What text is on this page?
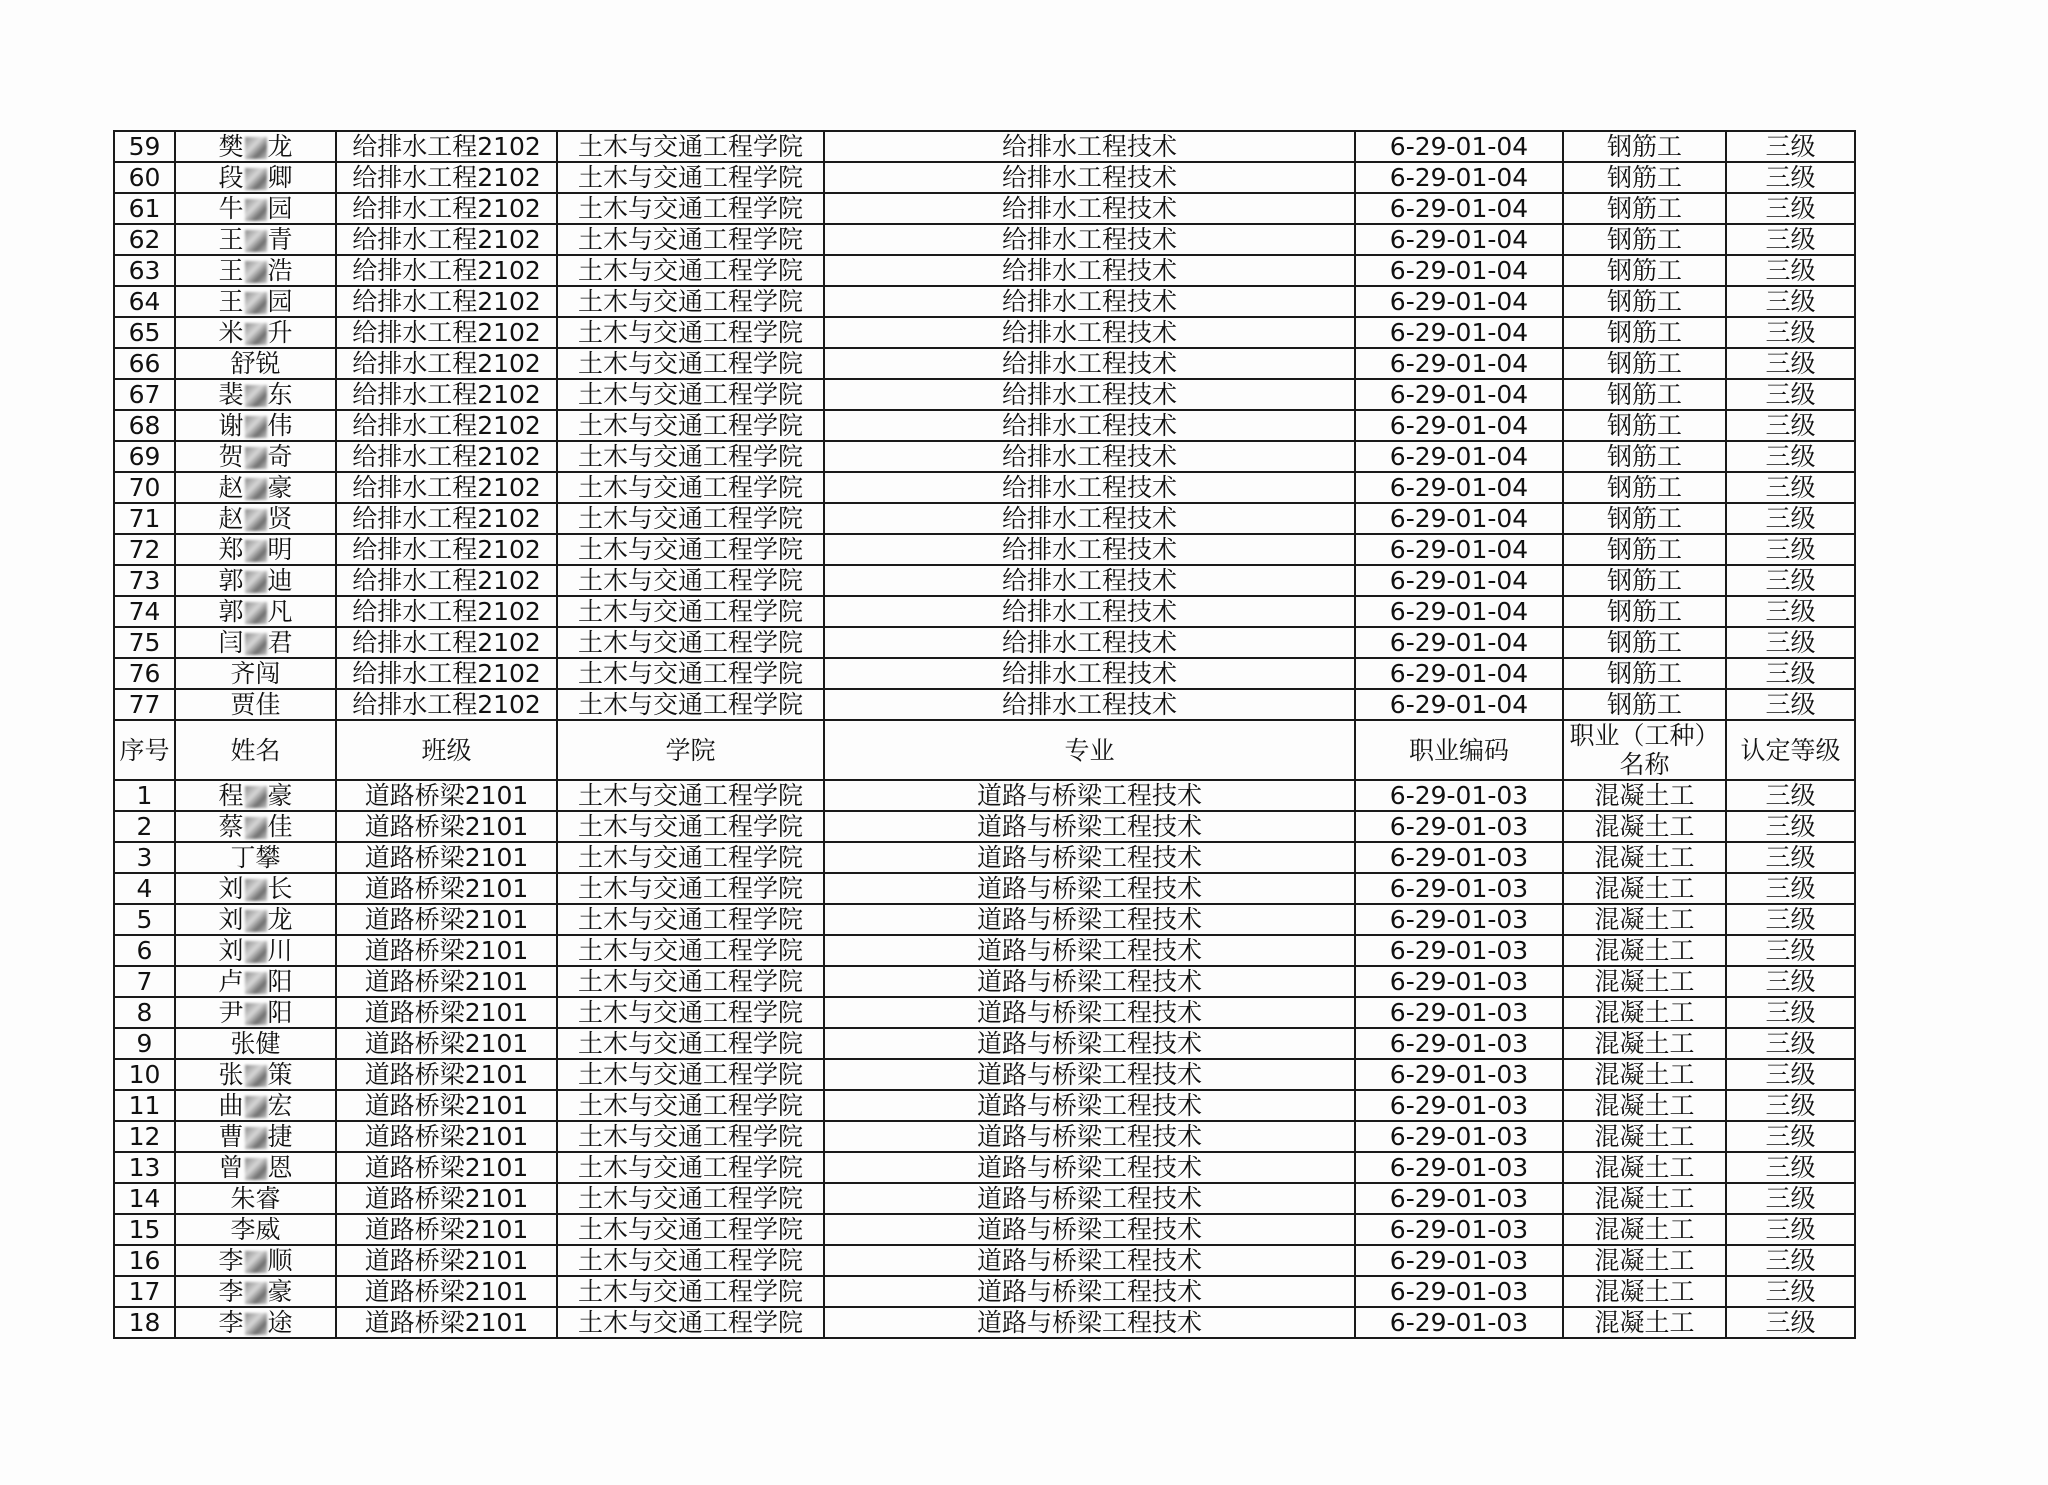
59	樊 龙	给排水工程2102	土木与交通工程学院	给排水工程技术	6-29-01-04	钢筋工	三级
60	段 卿	给排水工程2102	土木与交通工程学院	给排水工程技术	6-29-01-04	钢筋工	三级
61	牛 园	给排水工程2102	土木与交通工程学院	给排水工程技术	6-29-01-04	钢筋工	三级
62	王 青	给排水工程2102	土木与交通工程学院	给排水工程技术	6-29-01-04	钢筋工	三级
63	王 浩	给排水工程2102	土木与交通工程学院	给排水工程技术	6-29-01-04	钢筋工	三级
64	王 园	给排水工程2102	土木与交通工程学院	给排水工程技术	6-29-01-04	钢筋工	三级
65	米 升	给排水工程2102	土木与交通工程学院	给排水工程技术	6-29-01-04	钢筋工	三级
66	舒锐	给排水工程2102	土木与交通工程学院	给排水工程技术	6-29-01-04	钢筋工	三级
67	裴 东	给排水工程2102	土木与交通工程学院	给排水工程技术	6-29-01-04	钢筋工	三级
68	谢 伟	给排水工程2102	土木与交通工程学院	给排水工程技术	6-29-01-04	钢筋工	三级
69	贺 奇	给排水工程2102	土木与交通工程学院	给排水工程技术	6-29-01-04	钢筋工	三级
70	赵 豪	给排水工程2102	土木与交通工程学院	给排水工程技术	6-29-01-04	钢筋工	三级
71	赵 贤	给排水工程2102	土木与交通工程学院	给排水工程技术	6-29-01-04	钢筋工	三级
72	郑 明	给排水工程2102	土木与交通工程学院	给排水工程技术	6-29-01-04	钢筋工	三级
73	郭 迪	给排水工程2102	土木与交通工程学院	给排水工程技术	6-29-01-04	钢筋工	三级
74	郭 凡	给排水工程2102	土木与交通工程学院	给排水工程技术	6-29-01-04	钢筋工	三级
75	闫 君	给排水工程2102	土木与交通工程学院	给排水工程技术	6-29-01-04	钢筋工	三级
76	齐闯	给排水工程2102	土木与交通工程学院	给排水工程技术	6-29-01-04	钢筋工	三级
77	贾佳	给排水工程2102	土木与交通工程学院	给排水工程技术	6-29-01-04	钢筋工	三级
序号	姓名	班级	学院	专业	职业编码	职业（工种）名称	认定等级
1	程 豪	道路桥梁2101	土木与交通工程学院	道路与桥梁工程技术	6-29-01-03	混凝土工	三级
2	蔡 佳	道路桥梁2101	土木与交通工程学院	道路与桥梁工程技术	6-29-01-03	混凝土工	三级
3	丁攀	道路桥梁2101	土木与交通工程学院	道路与桥梁工程技术	6-29-01-03	混凝土工	三级
4	刘 长	道路桥梁2101	土木与交通工程学院	道路与桥梁工程技术	6-29-01-03	混凝土工	三级
5	刘 龙	道路桥梁2101	土木与交通工程学院	道路与桥梁工程技术	6-29-01-03	混凝土工	三级
6	刘 川	道路桥梁2101	土木与交通工程学院	道路与桥梁工程技术	6-29-01-03	混凝土工	三级
7	卢 阳	道路桥梁2101	土木与交通工程学院	道路与桥梁工程技术	6-29-01-03	混凝土工	三级
8	尹 阳	道路桥梁2101	土木与交通工程学院	道路与桥梁工程技术	6-29-01-03	混凝土工	三级
9	张健	道路桥梁2101	土木与交通工程学院	道路与桥梁工程技术	6-29-01-03	混凝土工	三级
10	张 策	道路桥梁2101	土木与交通工程学院	道路与桥梁工程技术	6-29-01-03	混凝土工	三级
11	曲 宏	道路桥梁2101	土木与交通工程学院	道路与桥梁工程技术	6-29-01-03	混凝土工	三级
12	曹 捷	道路桥梁2101	土木与交通工程学院	道路与桥梁工程技术	6-29-01-03	混凝土工	三级
13	曾 恩	道路桥梁2101	土木与交通工程学院	道路与桥梁工程技术	6-29-01-03	混凝土工	三级
14	朱睿	道路桥梁2101	土木与交通工程学院	道路与桥梁工程技术	6-29-01-03	混凝土工	三级
15	李威	道路桥梁2101	土木与交通工程学院	道路与桥梁工程技术	6-29-01-03	混凝土工	三级
16	李 顺	道路桥梁2101	土木与交通工程学院	道路与桥梁工程技术	6-29-01-03	混凝土工	三级
17	李 豪	道路桥梁2101	土木与交通工程学院	道路与桥梁工程技术	6-29-01-03	混凝土工	三级
18	李 途	道路桥梁2101	土木与交通工程学院	道路与桥梁工程技术	6-29-01-03	混凝土工	三级
